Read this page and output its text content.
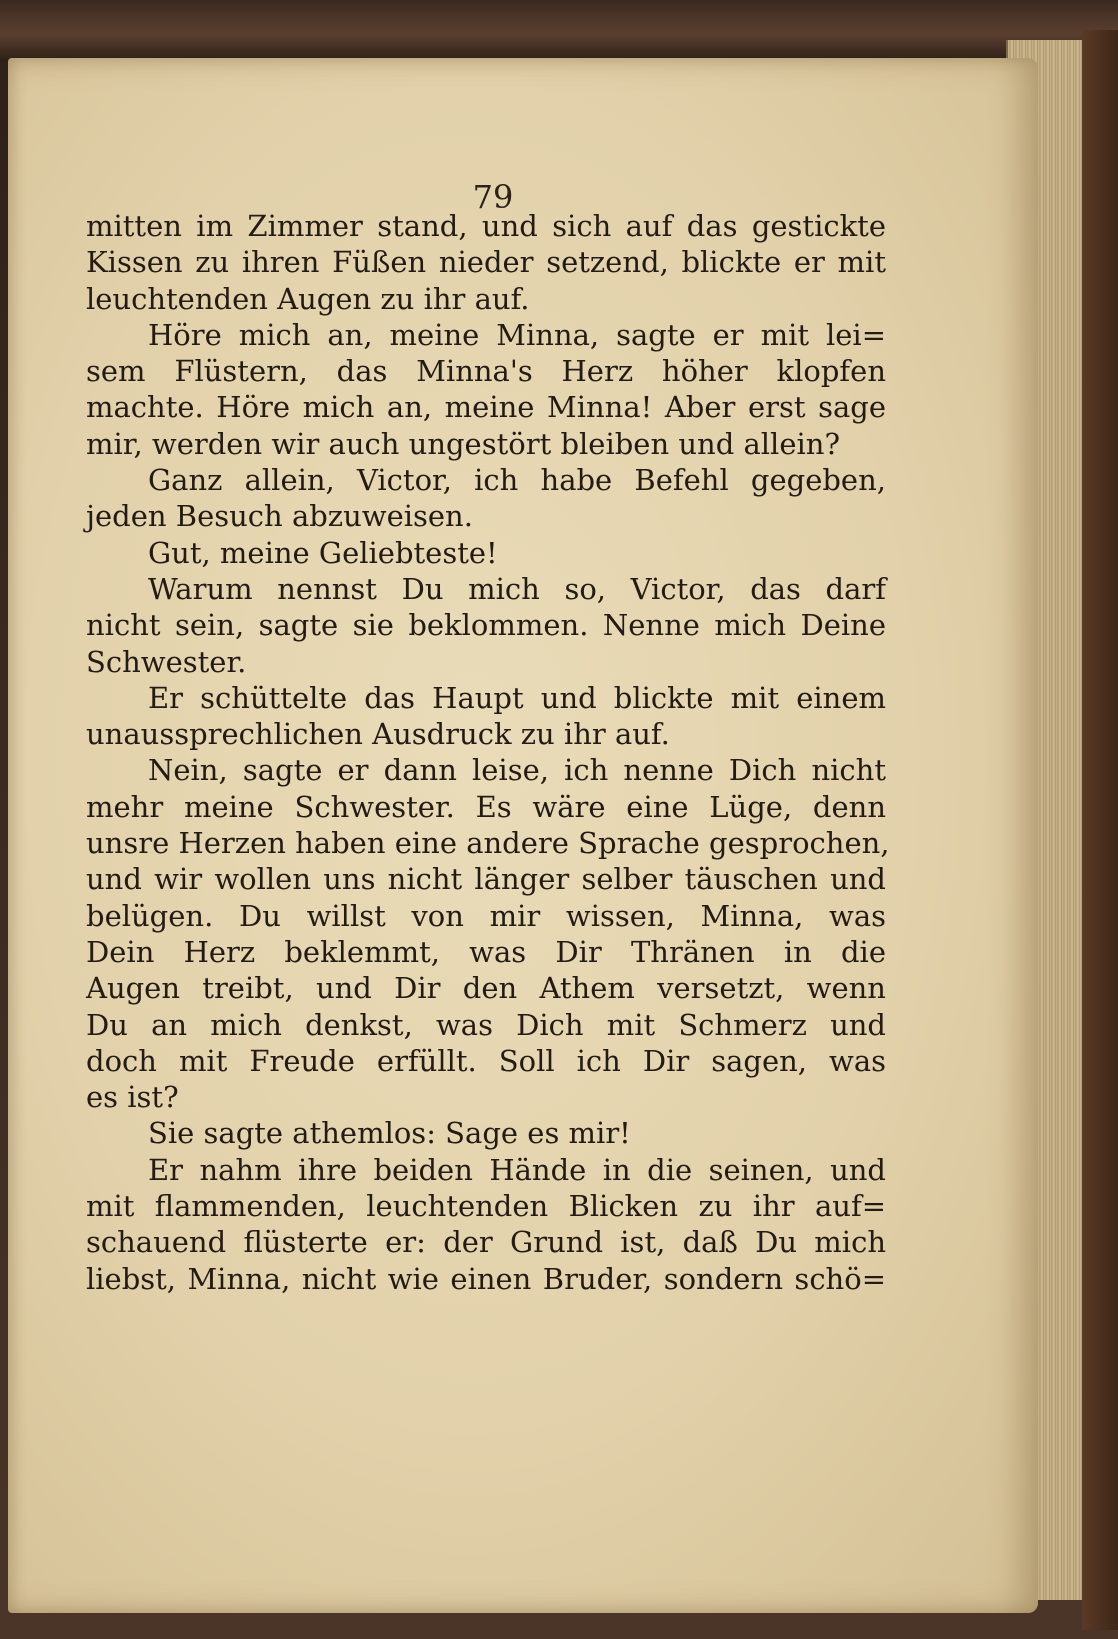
79
mitten im Zimmer stand, und sich auf das gestickte
Kissen zu ihren Füßen nieder setzend, blickte er mit
leuchtenden Augen zu ihr auf.
Höre mich an, meine Minna, sagte er mit lei=
sem Flüstern, das Minna's Herz höher klopfen
machte. Höre mich an, meine Minna! Aber erst sage
mir, werden wir auch ungestört bleiben und allein?
Ganz allein, Victor, ich habe Befehl gegeben,
jeden Besuch abzuweisen.
Gut, meine Geliebteste!
Warum nennst Du mich so, Victor, das darf
nicht sein, sagte sie beklommen. Nenne mich Deine
Schwester.
Er schüttelte das Haupt und blickte mit einem
unaussprechlichen Ausdruck zu ihr auf.
Nein, sagte er dann leise, ich nenne Dich nicht
mehr meine Schwester. Es wäre eine Lüge, denn
unsre Herzen haben eine andere Sprache gesprochen,
und wir wollen uns nicht länger selber täuschen und
belügen. Du willst von mir wissen, Minna, was
Dein Herz beklemmt, was Dir Thränen in die
Augen treibt, und Dir den Athem versetzt, wenn
Du an mich denkst, was Dich mit Schmerz und
doch mit Freude erfüllt. Soll ich Dir sagen, was
es ist?
Sie sagte athemlos: Sage es mir!
Er nahm ihre beiden Hände in die seinen, und
mit flammenden, leuchtenden Blicken zu ihr auf=
schauend flüsterte er: der Grund ist, daß Du mich
liebst, Minna, nicht wie einen Bruder, sondern schö=
